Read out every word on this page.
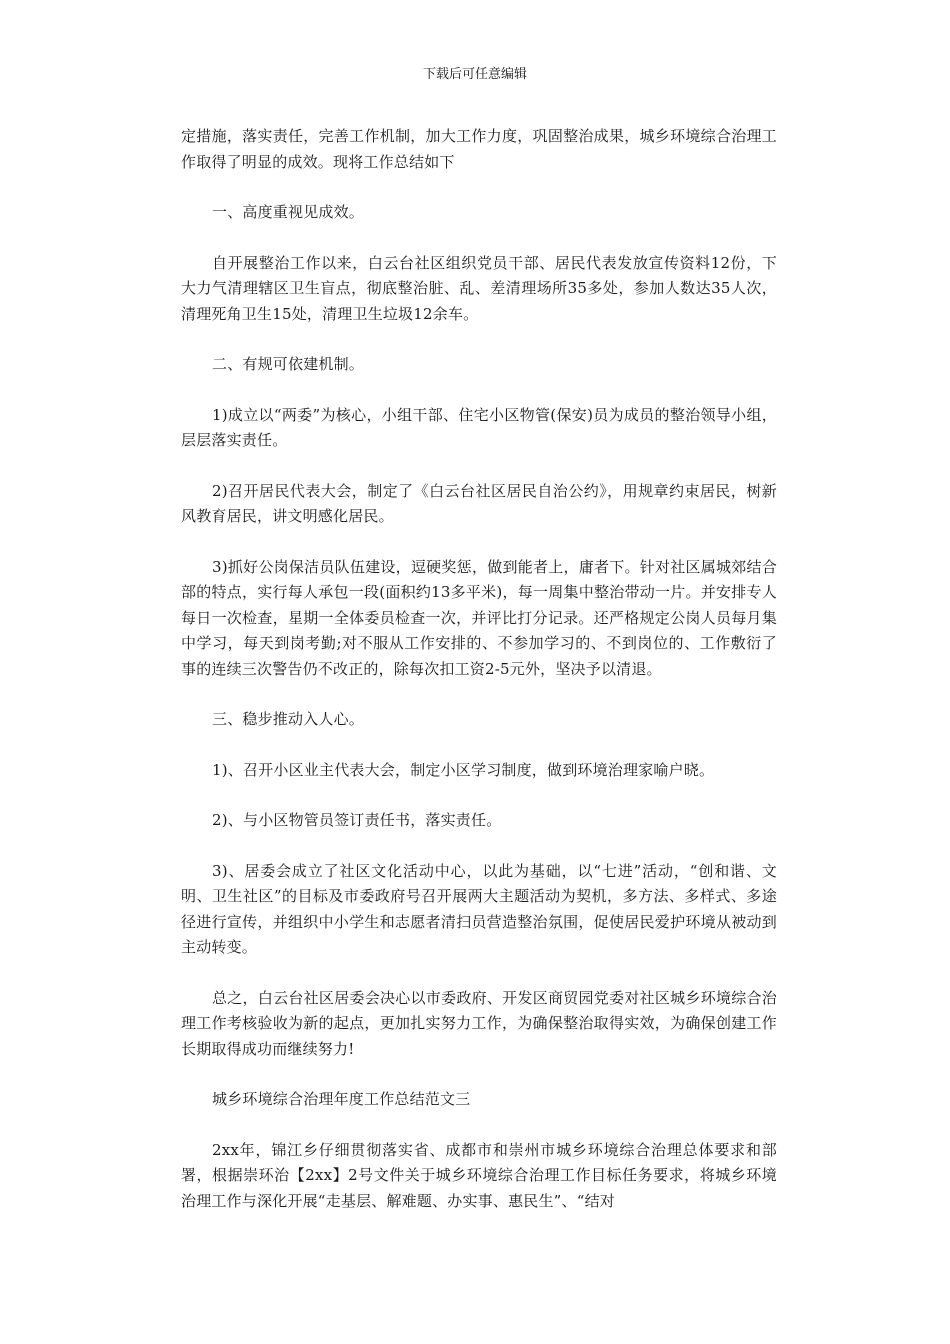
下载后可任意编辑

定措施，落实责任，完善工作机制，加大工作力度，巩固整治成果，城乡环境综合治理工作取得了明显的成效。现将工作总结如下

一、高度重视见成效。

自开展整治工作以来，白云台社区组织党员干部、居民代表发放宣传资料12份，下大力气清理辖区卫生盲点，彻底整治脏、乱、差清理场所35多处，参加人数达35人次，清理死角卫生15处，清理卫生垃圾12余车。

二、有规可依建机制。

1)成立以“两委”为核心，小组干部、住宅小区物管(保安)员为成员的整治领导小组，层层落实责任。

2)召开居民代表大会，制定了《白云台社区居民自治公约》，用规章约束居民，树新风教育居民，讲文明感化居民。

3)抓好公岗保洁员队伍建设，逗硬奖惩，做到能者上，庸者下。针对社区属城郊结合部的特点，实行每人承包一段(面积约13多平米)，每一周集中整治带动一片。并安排专人每日一次检查，星期一全体委员检查一次，并评比打分记录。还严格规定公岗人员每月集中学习，每天到岗考勤;对不服从工作安排的、不参加学习的、不到岗位的、工作敷衍了事的连续三次警告仍不改正的，除每次扣工资2-5元外，坚决予以清退。

三、稳步推动入人心。

1)、召开小区业主代表大会，制定小区学习制度，做到环境治理家喻户晓。

2)、与小区物管员签订责任书，落实责任。

3)、居委会成立了社区文化活动中心，以此为基础，以“七进”活动，“创和谐、文明、卫生社区”的目标及市委政府号召开展两大主题活动为契机，多方法、多样式、多途径进行宣传，并组织中小学生和志愿者清扫员营造整治氛围，促使居民爱护环境从被动到主动转变。

总之，白云台社区居委会决心以市委政府、开发区商贸园党委对社区城乡环境综合治理工作考核验收为新的起点，更加扎实努力工作，为确保整治取得实效，为确保创建工作长期取得成功而继续努力!

城乡环境综合治理年度工作总结范文三

2xx年，锦江乡仔细贯彻落实省、成都市和崇州市城乡环境综合治理总体要求和部署，根据崇环治【2xx】2号文件关于城乡环境综合治理工作目标任务要求，将城乡环境治理工作与深化开展“走基层、解难题、办实事、惠民生”、“结对
